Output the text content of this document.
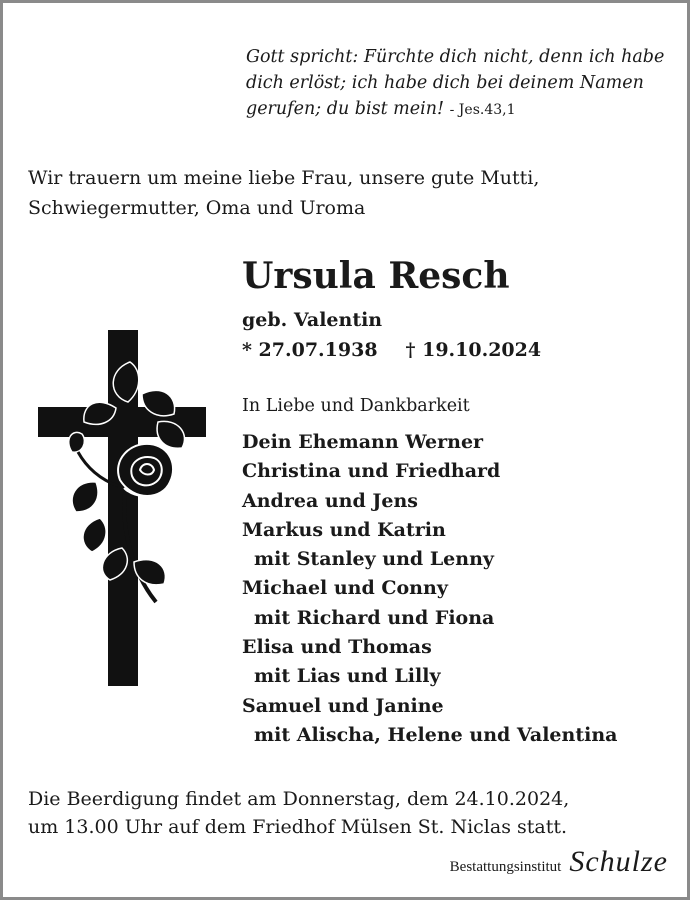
Gott spricht: Fürchte dich nicht, denn ich habe
dich erlöst; ich habe dich bei deinem Namen
gerufen; du bist mein! - Jes.43,1
Wir trauern um meine liebe Frau, unsere gute Mutti,
Schwiegermutter, Oma und Uroma
Ursula Resch
geb. Valentin
* 27.07.1938 † 19.10.2024
In Liebe und Dankbarkeit
Dein Ehemann Werner
Christina und Friedhard
Andrea und Jens
Markus und Katrin
mit Stanley und Lenny
Michael und Conny
mit Richard und Fiona
Elisa und Thomas
mit Lias und Lilly
Samuel und Janine
mit Alischa, Helene und Valentina
Die Beerdigung findet am Donnerstag, dem 24.10.2024,
um 13.00 Uhr auf dem Friedhof Mülsen St. Niclas statt.
Bestattungsinstitut Schulze
